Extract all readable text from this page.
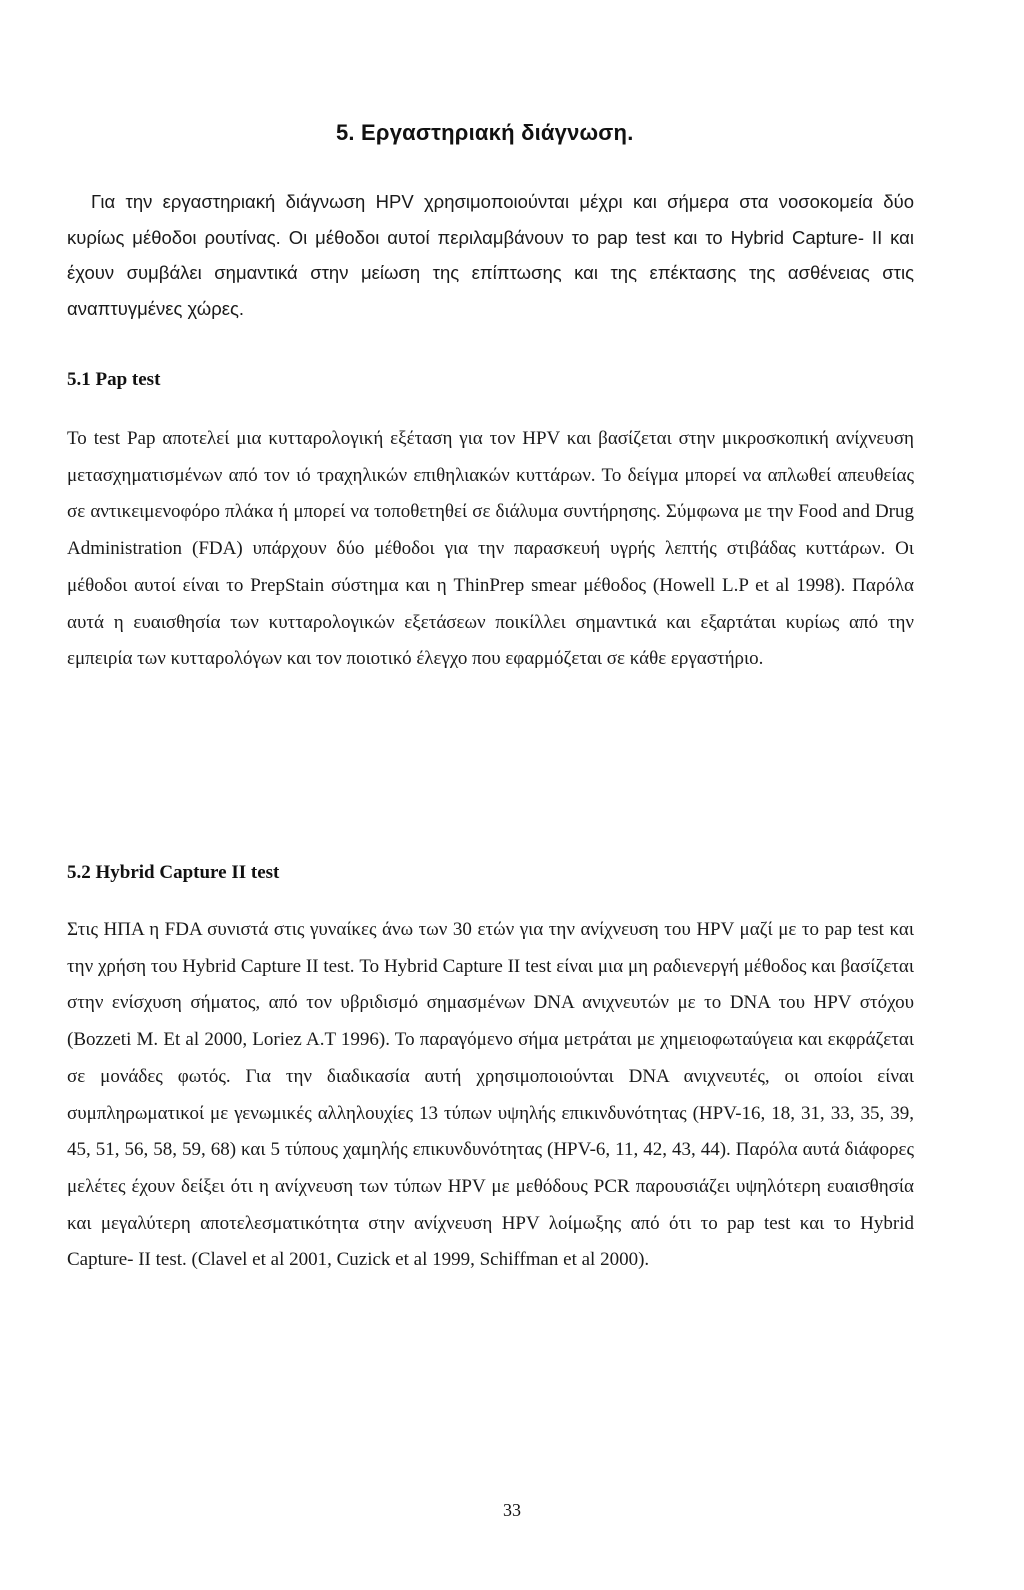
5. Εργαστηριακή διάγνωση.

Για την εργαστηριακή διάγνωση HPV χρησιμοποιούνται μέχρι και σήμερα στα νοσοκομεία δύο κυρίως μέθοδοι ρουτίνας. Οι μέθοδοι αυτοί περιλαμβάνουν το pap test και το Hybrid Capture- II και έχουν συμβάλει σημαντικά στην μείωση της επίπτωσης και της επέκτασης της ασθένειας στις αναπτυγμένες χώρες.

5.1 Pap test

Το test Pap αποτελεί μια κυτταρολογική εξέταση για τον HPV και βασίζεται στην μικροσκοπική ανίχνευση μετασχηματισμένων από τον ιό τραχηλικών επιθηλιακών κυττάρων. Το δείγμα μπορεί να απλωθεί απευθείας σε αντικειμενοφόρο πλάκα ή μπορεί να τοποθετηθεί σε διάλυμα συντήρησης. Σύμφωνα με την Food and Drug Administration (FDA) υπάρχουν δύο μέθοδοι για την παρασκευή υγρής λεπτής στιβάδας κυττάρων. Οι μέθοδοι αυτοί είναι το PrepStain σύστημα και η ThinPrep smear μέθοδος (Howell L.P et al 1998). Παρόλα αυτά η ευαισθησία των κυτταρολογικών εξετάσεων ποικίλλει σημαντικά και εξαρτάται κυρίως από την εμπειρία των κυτταρολόγων και τον ποιοτικό έλεγχο που εφαρμόζεται σε κάθε εργαστήριο.

5.2 Hybrid Capture II test

Στις ΗΠΑ η FDA συνιστά στις γυναίκες άνω των 30 ετών για την ανίχνευση του HPV μαζί με το pap test και την χρήση του Hybrid Capture II test. Το Hybrid Capture II test είναι μια μη ραδιενεργή μέθοδος και βασίζεται στην ενίσχυση σήματος, από τον υβριδισμό σημασμένων DNA ανιχνευτών με το DNA του HPV στόχου (Bozzeti M. Et al 2000, Loriez A.T 1996). Το παραγόμενο σήμα μετράται με χημειοφωταύγεια και εκφράζεται σε μονάδες φωτός. Για την διαδικασία αυτή χρησιμοποιούνται DNA ανιχνευτές, οι οποίοι είναι συμπληρωματικοί με γενωμικές αλληλουχίες 13 τύπων υψηλής επικινδυνότητας (HPV-16, 18, 31, 33, 35, 39, 45, 51, 56, 58, 59, 68) και 5 τύπους χαμηλής επικυνδυνότητας (HPV-6, 11, 42, 43, 44). Παρόλα αυτά διάφορες μελέτες έχουν δείξει ότι η ανίχνευση των τύπων HPV με μεθόδους PCR παρουσιάζει υψηλότερη ευαισθησία και μεγαλύτερη αποτελεσματικότητα στην ανίχνευση HPV λοίμωξης από ότι το pap test και το Hybrid Capture- II test. (Clavel et al 2001, Cuzick et al 1999, Schiffman et al 2000).

33
